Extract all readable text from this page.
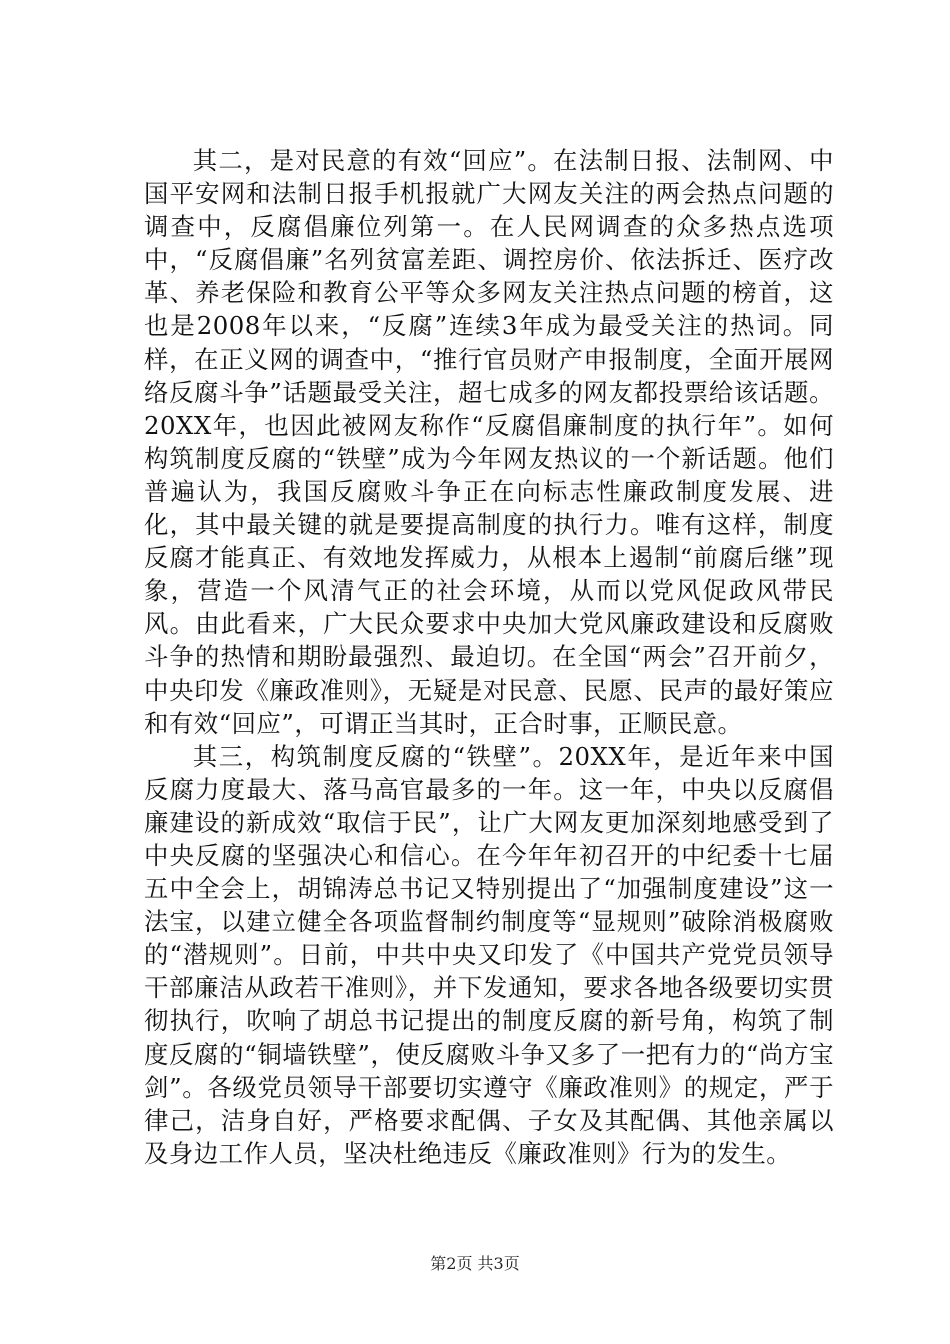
其二，是对民意的有效“回应”。在法制日报、法制网、中国平安网和法制日报手机报就广大网友关注的两会热点问题的调查中，反腐倡廉位列第一。在人民网调查的众多热点选项中，“反腐倡廉”名列贫富差距、调控房价、依法拆迁、医疗改革、养老保险和教育公平等众多网友关注热点问题的榜首，这也是2008年以来，“反腐”连续3年成为最受关注的热词。同样，在正义网的调查中，“推行官员财产申报制度，全面开展网络反腐斗争”话题最受关注，超七成多的网友都投票给该话题。20XX年，也因此被网友称作“反腐倡廉制度的执行年”。如何构筑制度反腐的“铁壁”成为今年网友热议的一个新话题。他们普遍认为，我国反腐败斗争正在向标志性廉政制度发展、进化，其中最关键的就是要提高制度的执行力。唯有这样，制度反腐才能真正、有效地发挥威力，从根本上遏制“前腐后继”现象，营造一个风清气正的社会环境，从而以党风促政风带民风。由此看来，广大民众要求中央加大党风廉政建设和反腐败斗争的热情和期盼最强烈、最迫切。在全国“两会”召开前夕，中央印发《廉政准则》，无疑是对民意、民愿、民声的最好策应和有效“回应”，可谓正当其时，正合时事，正顺民意。

其三，构筑制度反腐的“铁壁”。20XX年，是近年来中国反腐力度最大、落马高官最多的一年。这一年，中央以反腐倡廉建设的新成效“取信于民”，让广大网友更加深刻地感受到了中央反腐的坚强决心和信心。在今年年初召开的中纪委十七届五中全会上，胡锦涛总书记又特别提出了“加强制度建设”这一法宝，以建立健全各项监督制约制度等“显规则”破除消极腐败的“潜规则”。日前，中共中央又印发了《中国共产党党员领导干部廉洁从政若干准则》，并下发通知，要求各地各级要切实贯彻执行，吹响了胡总书记提出的制度反腐的新号角，构筑了制度反腐的“铜墙铁壁”，使反腐败斗争又多了一把有力的“尚方宝剑”。各级党员领导干部要切实遵守《廉政准则》的规定，严于律己，洁身自好，严格要求配偶、子女及其配偶、其他亲属以及身边工作人员，坚决杜绝违反《廉政准则》行为的发生。

第2页 共3页
